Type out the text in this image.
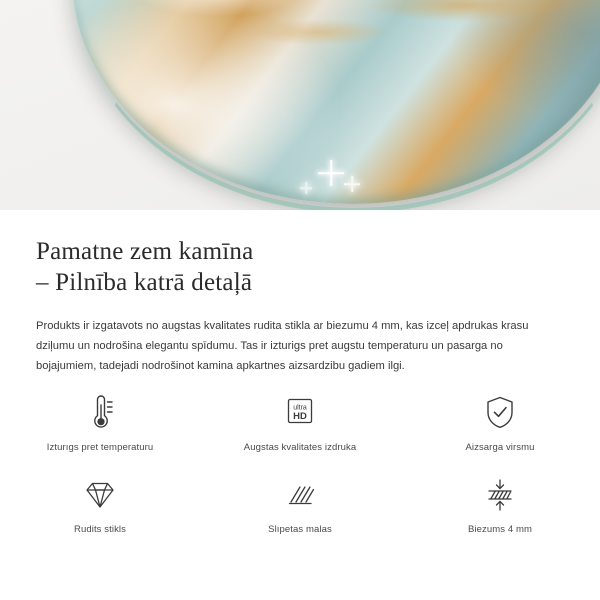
Pamatne zem kamīna
– Pilnība katrā detaļā

Produkts ir izgatavots no augstas kvalitates rudita stikla ar biezumu 4 mm, kas izceļ apdrukas krasu dziļumu un nodrošina elegantu spīdumu. Tas ir izturigs pret augstu temperaturu un pasarga no bojajumiem, tadejadi nodrošinot kamina apkartnes aizsardzibu gadiem ilgi.

Izturıgs pret temperaturu
ultra
HD
Augstas kvalitates izdruka	Aizsarga virsmu
Rudits stikls	Slıpetas malas	Biezums 4 mm
